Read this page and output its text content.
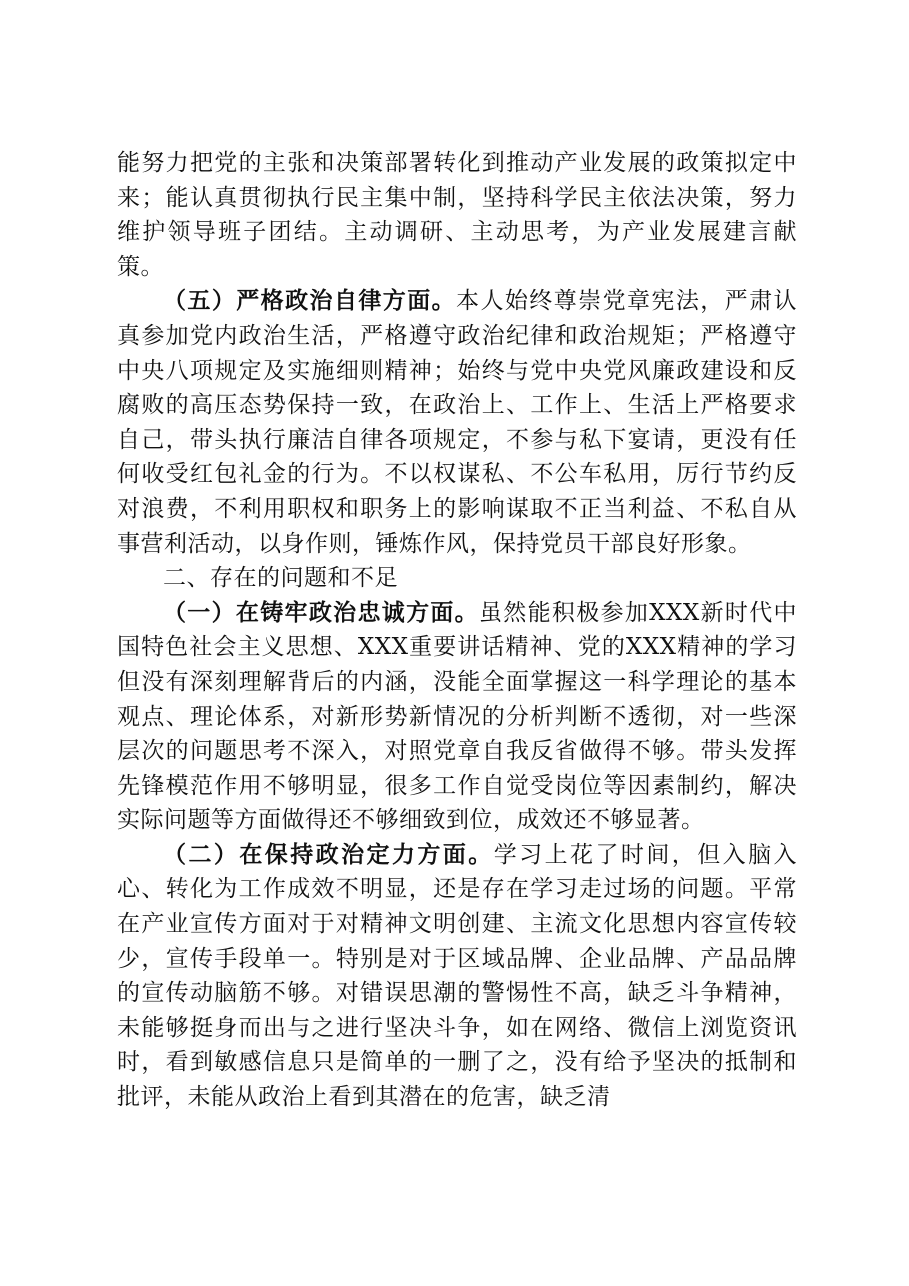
能努力把党的主张和决策部署转化到推动产业发展的政策拟定中来；能认真贯彻执行民主集中制，坚持科学民主依法决策，努力维护领导班子团结。主动调研、主动思考，为产业发展建言献策。

（五）严格政治自律方面。本人始终尊崇党章宪法，严肃认真参加党内政治生活，严格遵守政治纪律和政治规矩；严格遵守中央八项规定及实施细则精神；始终与党中央党风廉政建设和反腐败的高压态势保持一致，在政治上、工作上、生活上严格要求自己，带头执行廉洁自律各项规定，不参与私下宴请，更没有任何收受红包礼金的行为。不以权谋私、不公车私用，厉行节约反对浪费，不利用职权和职务上的影响谋取不正当利益、不私自从事营利活动，以身作则，锤炼作风，保持党员干部良好形象。

二、存在的问题和不足

（一）在铸牢政治忠诚方面。虽然能积极参加XXX新时代中国特色社会主义思想、XXX重要讲话精神、党的XXX精神的学习但没有深刻理解背后的内涵，没能全面掌握这一科学理论的基本观点、理论体系，对新形势新情况的分析判断不透彻，对一些深层次的问题思考不深入，对照党章自我反省做得不够。带头发挥先锋模范作用不够明显，很多工作自觉受岗位等因素制约，解决实际问题等方面做得还不够细致到位，成效还不够显著。

（二）在保持政治定力方面。学习上花了时间，但入脑入心、转化为工作成效不明显，还是存在学习走过场的问题。平常在产业宣传方面对于对精神文明创建、主流文化思想内容宣传较少，宣传手段单一。特别是对于区域品牌、企业品牌、产品品牌的宣传动脑筋不够。对错误思潮的警惕性不高，缺乏斗争精神，未能够挺身而出与之进行坚决斗争，如在网络、微信上浏览资讯时，看到敏感信息只是简单的一删了之，没有给予坚决的抵制和批评，未能从政治上看到其潜在的危害，缺乏清
